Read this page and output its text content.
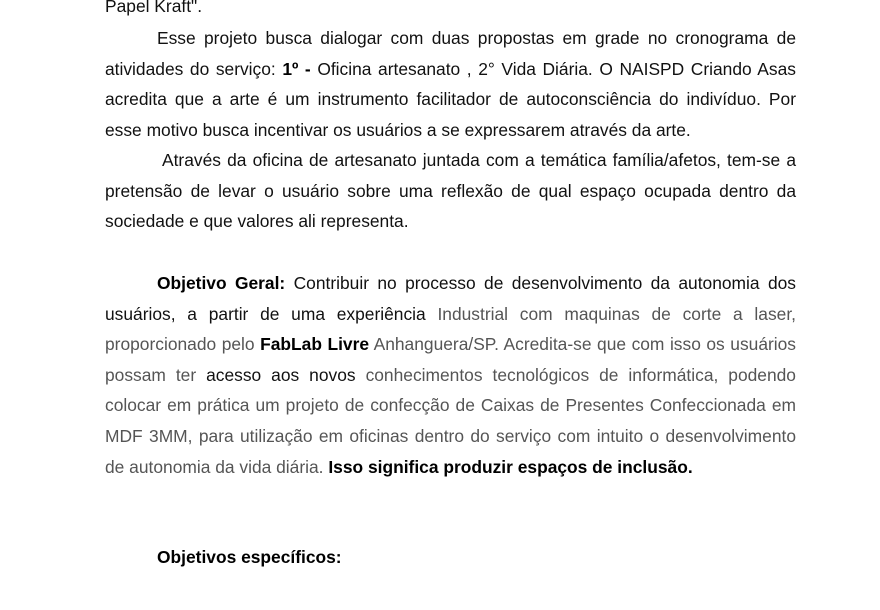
Papel Kraft".
Esse projeto busca dialogar com duas propostas em grade no cronograma de
atividades do serviço: 1º - Oficina artesanato , 2° Vida Diária. O NAISPD Criando Asas
acredita que a arte é um instrumento facilitador de autoconsciência do indivíduo. Por
esse motivo busca incentivar os usuários a se expressarem através da arte.
Através da oficina de artesanato juntada com a temática família/afetos, tem-se a
pretensão de levar o usuário sobre uma reflexão de qual espaço ocupada dentro da
sociedade e que valores ali representa.
Objetivo Geral: Contribuir no processo de desenvolvimento da autonomia dos
usuários, a partir de uma experiência Industrial com maquinas de corte a laser,
proporcionado pelo FabLab Livre Anhanguera/SP. Acredita-se que com isso os usuários
possam ter acesso aos novos conhecimentos tecnológicos de informática, podendo
colocar em prática um projeto de confecção de Caixas de Presentes Confeccionada em
MDF 3MM, para utilização em oficinas dentro do serviço com intuito o desenvolvimento
de autonomia da vida diária. Isso significa produzir espaços de inclusão.
Objetivos específicos:
